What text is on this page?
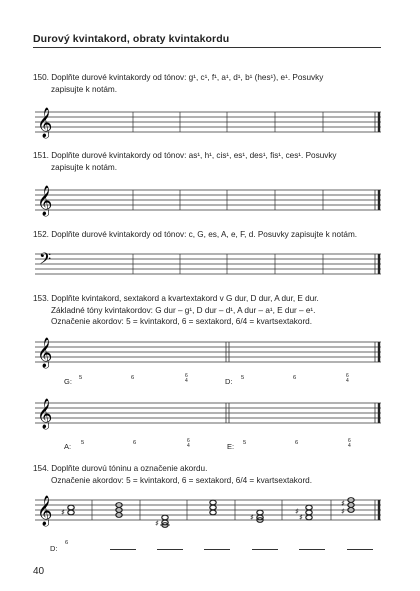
Durový kvintakord, obraty kvintakordu
150. Doplňte durové kvintakordy od tónov: g¹, c¹, f¹, a¹, d¹, b¹ (hes¹), e¹. Posuvky
zapisujte k notám.
151. Doplňte durové kvintakordy od tónov: as¹, h¹, cis¹, es¹, des¹, fis¹, ces¹. Posuvky
zapisujte k notám.
152. Doplňte durové kvintakordy od tónov: c, G, es, A, e, F, d. Posuvky zapisujte k notám.
153. Doplňte kvintakord, sextakord a kvartextakord v G dur, D dur, A dur, E dur.
Základné tóny kvintakordov: G dur – g¹, D dur – d¹, A dur – a¹, E dur – e¹.
Označenie akordov: 5 = kvintakord, 6 = sextakord, 6/4 = kvartsextakord.
154. Doplňte durovú tóninu a označenie akordu.
Označenie akordov: 5 = kvintakord, 6 = sextakord, 6/4 = kvartsextakord.
𝄞
𝄞
𝄢
𝄞
𝄞
𝄞 ♯
♯
♯
♯
♯
♯
♯
G: 5	6	6
4	D: 5	6	6
4
A: 5	6	6
4	E: 5	6	6
4
D:
6
40
